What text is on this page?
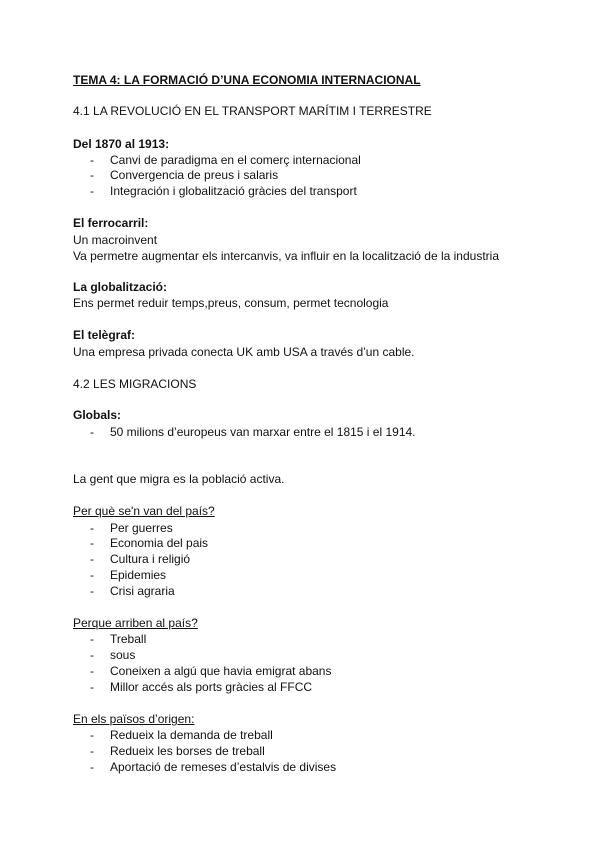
TEMA 4: LA FORMACIÓ D’UNA ECONOMIA INTERNACIONAL
4.1 LA REVOLUCIÓ EN EL TRANSPORT MARÍTIM I TERRESTRE
Del 1870 al 1913:
- Canvi de paradigma en el comerç internacional
- Convergencia de preus i salaris
- Integración i globalització gràcies del transport
El ferrocarril:
Un macroinvent
Va permetre augmentar els intercanvis, va influir en la localització de la industria
La globalització:
Ens permet reduir temps,preus, consum, permet tecnologia
El telègraf:
Una empresa privada conecta UK amb USA a través d’un cable.
4.2 LES MIGRACIONS
Globals:
- 50 milions d’europeus van marxar entre el 1815 i el 1914.
La gent que migra es la població activa.
Per què se'n van del país?
- Per guerres
- Economia del pais
- Cultura i religió
- Epidemies
- Crisi agraria
Perque arriben al país?
- Treball
- sous
- Coneixen a algú que havia emigrat abans
- Millor accés als ports gràcies al FFCC
En els països d’origen:
- Redueix la demanda de treball
- Redueix les borses de treball
- Aportació de remeses d’estalvis de divises
